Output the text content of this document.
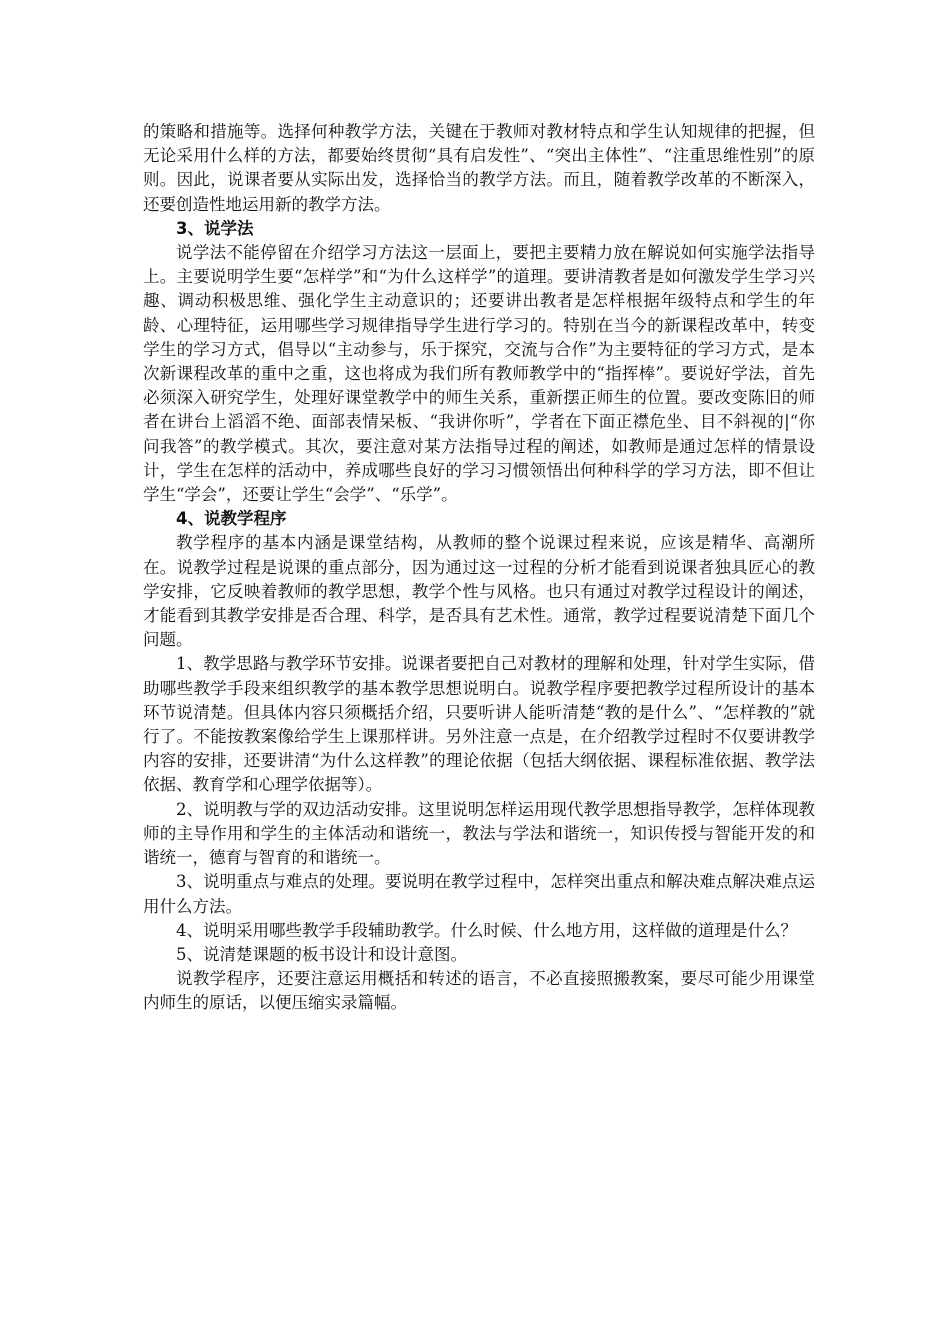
的策略和措施等。选择何种教学方法，关键在于教师对教材特点和学生认知规律的把握，但无论采用什么样的方法，都要始终贯彻“具有启发性”、“突出主体性”、“注重思维性别”的原则。因此，说课者要从实际出发，选择恰当的教学方法。而且，随着教学改革的不断深入，还要创造性地运用新的教学方法。

3、说学法

说学法不能停留在介绍学习方法这一层面上，要把主要精力放在解说如何实施学法指导上。主要说明学生要“怎样学”和“为什么这样学”的道理。要讲清教者是如何激发学生学习兴趣、调动积极思维、强化学生主动意识的；还要讲出教者是怎样根据年级特点和学生的年龄、心理特征，运用哪些学习规律指导学生进行学习的。特别在当今的新课程改革中，转变学生的学习方式，倡导以“主动参与，乐于探究，交流与合作”为主要特征的学习方式，是本次新课程改革的重中之重，这也将成为我们所有教师教学中的“指挥棒”。要说好学法，首先必须深入研究学生，处理好课堂教学中的师生关系，重新摆正师生的位置。要改变陈旧的师者在讲台上滔滔不绝、面部表情呆板、“我讲你听”，学者在下面正襟危坐、目不斜视的|“你问我答”的教学模式。其次，要注意对某方法指导过程的阐述，如教师是通过怎样的情景设计，学生在怎样的活动中，养成哪些良好的学习习惯领悟出何种科学的学习方法，即不但让学生“学会”，还要让学生“会学”、“乐学”。

4、说教学程序

教学程序的基本内涵是课堂结构，从教师的整个说课过程来说，应该是精华、高潮所在。说教学过程是说课的重点部分，因为通过这一过程的分析才能看到说课者独具匠心的教学安排，它反映着教师的教学思想，教学个性与风格。也只有通过对教学过程设计的阐述，才能看到其教学安排是否合理、科学，是否具有艺术性。通常，教学过程要说清楚下面几个问题。

1、教学思路与教学环节安排。说课者要把自己对教材的理解和处理，针对学生实际，借助哪些教学手段来组织教学的基本教学思想说明白。说教学程序要把教学过程所设计的基本环节说清楚。但具体内容只须概括介绍，只要听讲人能听清楚“教的是什么”、“怎样教的”就行了。不能按教案像给学生上课那样讲。另外注意一点是，在介绍教学过程时不仅要讲教学内容的安排，还要讲清“为什么这样教”的理论依据（包括大纲依据、课程标准依据、教学法依据、教育学和心理学依据等）。

2、说明教与学的双边活动安排。这里说明怎样运用现代教学思想指导教学，怎样体现教师的主导作用和学生的主体活动和谐统一，教法与学法和谐统一，知识传授与智能开发的和谐统一，德育与智育的和谐统一。

3、说明重点与难点的处理。要说明在教学过程中，怎样突出重点和解决难点解决难点运用什么方法。

4、说明采用哪些教学手段辅助教学。什么时候、什么地方用，这样做的道理是什么？

5、说清楚课题的板书设计和设计意图。

说教学程序，还要注意运用概括和转述的语言，不必直接照搬教案，要尽可能少用课堂内师生的原话，以便压缩实录篇幅。
